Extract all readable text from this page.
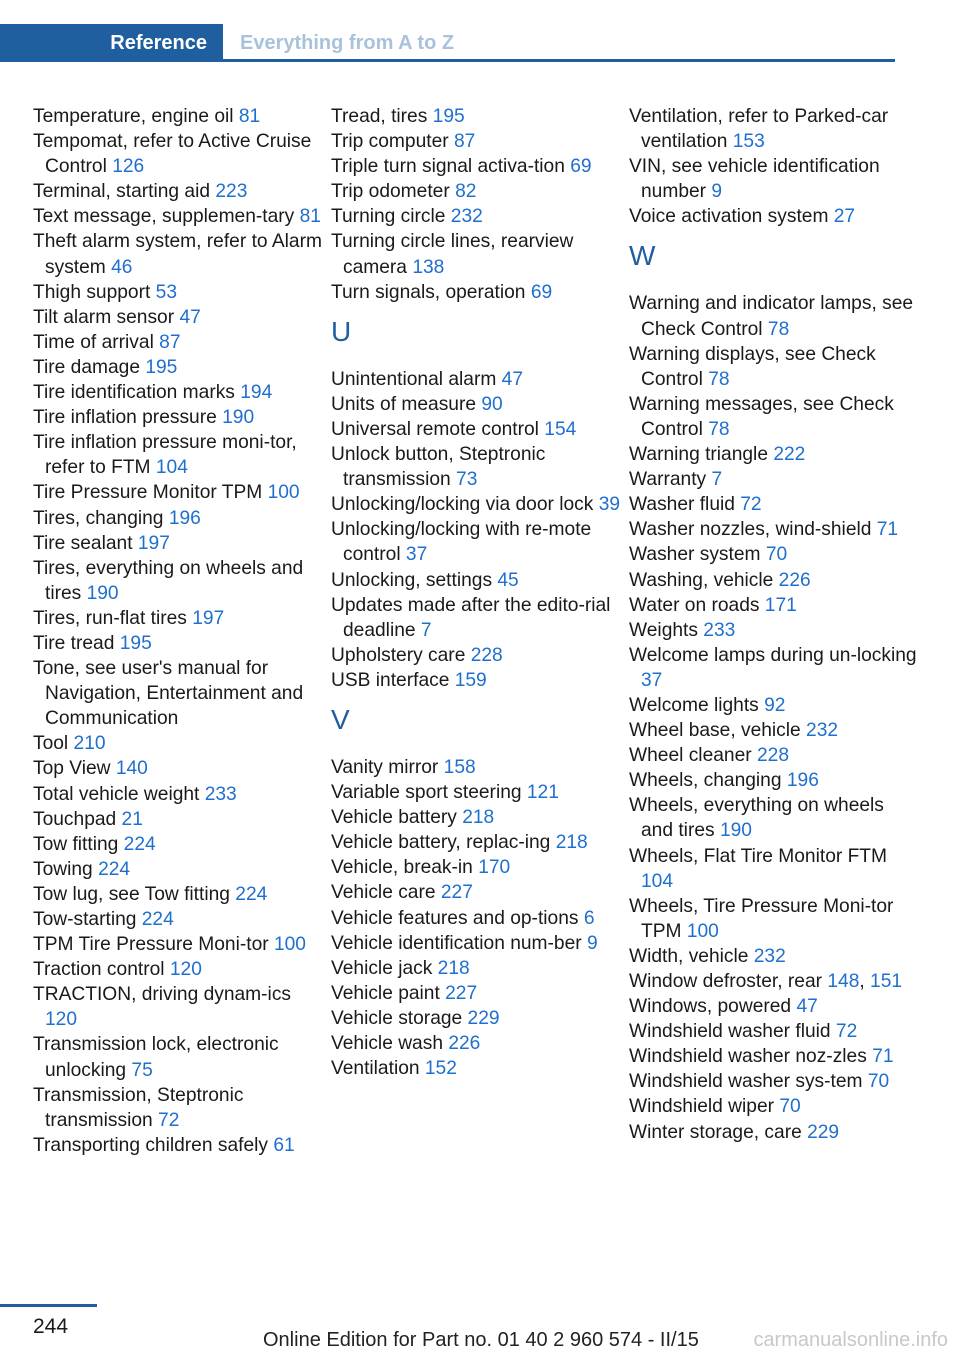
Reference	Everything from A to Z
Temperature, engine oil 81
Tempomat, refer to Active Cruise Control 126
Terminal, starting aid 223
Text message, supplemen‐tary 81
Theft alarm system, refer to Alarm system 46
Thigh support 53
Tilt alarm sensor 47
Time of arrival 87
Tire damage 195
Tire identification marks 194
Tire inflation pressure 190
Tire inflation pressure moni‐tor, refer to FTM 104
Tire Pressure Monitor TPM 100
Tires, changing 196
Tire sealant 197
Tires, everything on wheels and tires 190
Tires, run-flat tires 197
Tire tread 195
Tone, see user's manual for Navigation, Entertainment and Communication
Tool 210
Top View 140
Total vehicle weight 233
Touchpad 21
Tow fitting 224
Towing 224
Tow lug, see Tow fitting 224
Tow-starting 224
TPM Tire Pressure Moni‐tor 100
Traction control 120
TRACTION, driving dynam‐ics 120
Transmission lock, electronic unlocking 75
Transmission, Steptronic transmission 72
Transporting children safely 61
Tread, tires 195
Trip computer 87
Triple turn signal activa‐tion 69
Trip odometer 82
Turning circle 232
Turning circle lines, rearview camera 138
Turn signals, operation 69
U
Unintentional alarm 47
Units of measure 90
Universal remote control 154
Unlock button, Steptronic transmission 73
Unlocking/locking via door lock 39
Unlocking/locking with re‐mote control 37
Unlocking, settings 45
Updates made after the edito‐rial deadline 7
Upholstery care 228
USB interface 159
V
Vanity mirror 158
Variable sport steering 121
Vehicle battery 218
Vehicle battery, replac‐ing 218
Vehicle, break-in 170
Vehicle care 227
Vehicle features and op‐tions 6
Vehicle identification num‐ber 9
Vehicle jack 218
Vehicle paint 227
Vehicle storage 229
Vehicle wash 226
Ventilation 152
Ventilation, refer to Parked-car ventilation 153
VIN, see vehicle identification number 9
Voice activation system 27
W
Warning and indicator lamps, see Check Control 78
Warning displays, see Check Control 78
Warning messages, see Check Control 78
Warning triangle 222
Warranty 7
Washer fluid 72
Washer nozzles, wind‐shield 71
Washer system 70
Washing, vehicle 226
Water on roads 171
Weights 233
Welcome lamps during un‐locking 37
Welcome lights 92
Wheel base, vehicle 232
Wheel cleaner 228
Wheels, changing 196
Wheels, everything on wheels and tires 190
Wheels, Flat Tire Monitor FTM 104
Wheels, Tire Pressure Moni‐tor TPM 100
Width, vehicle 232
Window defroster, rear 148, 151
Windows, powered 47
Windshield washer fluid 72
Windshield washer noz‐zles 71
Windshield washer sys‐tem 70
Windshield wiper 70
Winter storage, care 229
244
Online Edition for Part no. 01 40 2 960 574 - II/15	carmanualsonline.info
